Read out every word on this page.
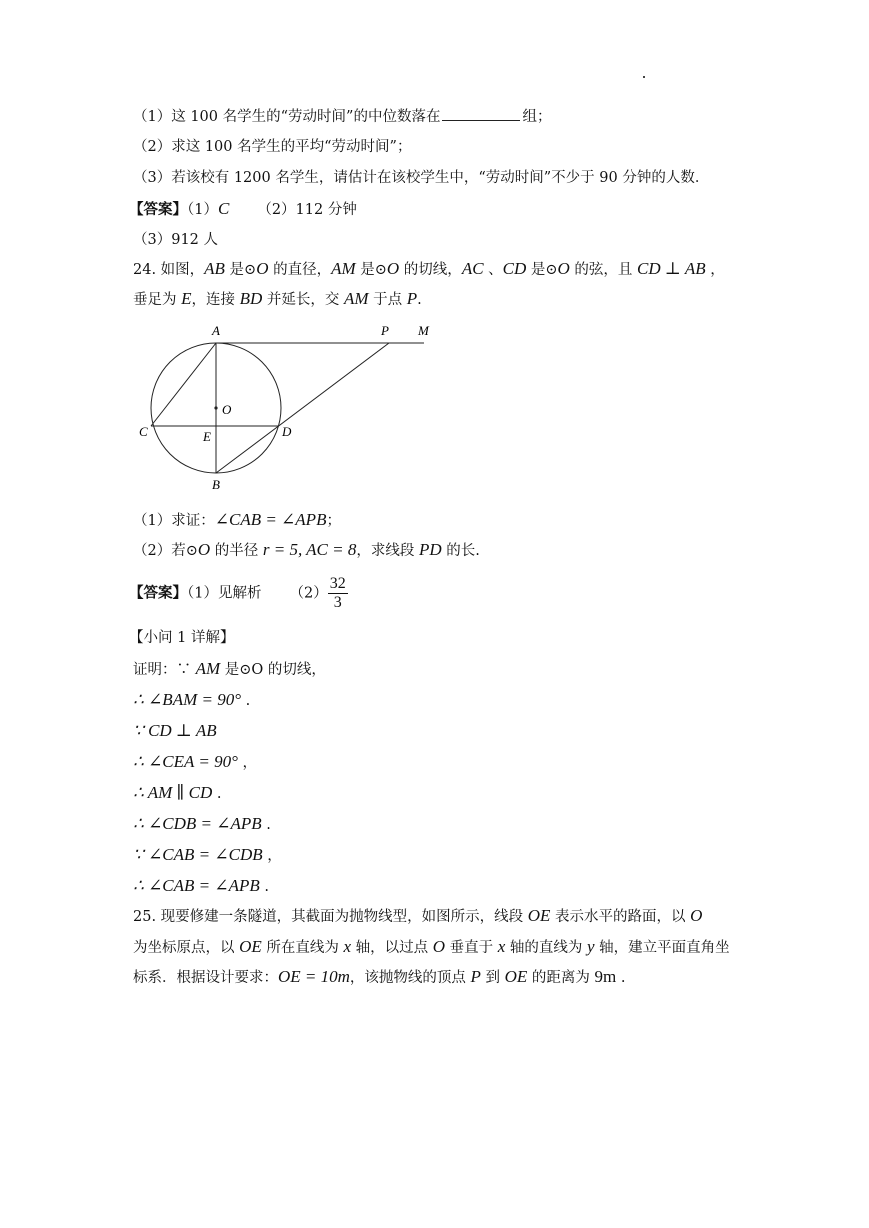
（1）这 100 名学生的“劳动时间”的中位数落在	组；
（2）求这 100 名学生的平均“劳动时间”；
（3）若该校有 1200 名学生，请估计在该校学生中，“劳动时间”不少于 90 分钟的人数．
【答案】（1）C （2）112 分钟
（3）912 人
24. 如图，AB 是⊙O 的直径，AM 是⊙O 的切线，AC 、CD 是⊙O 的弦，且 CD ⊥ AB ，
垂足为 E，连接 BD 并延长，交 AM 于点 P.
A	P M
O
C	E	D
B
（1）求证：∠CAB = ∠APB；
（2）若⊙O 的半径 r = 5, AC = 8，求线段 PD 的长.
【答案】（1）见解析 $(2) \frac{32}{3}$
【小问 1 详解】
证明：∵ AM 是⊙O 的切线，
∴ ∠BAM = 90° .
∵ CD ⊥ AB
∴ ∠CEA = 90° ，
∴ AM ∥ CD .
∴ ∠CDB = ∠APB .
∵ ∠CAB = ∠CDB ，
∴ ∠CAB = ∠APB .
25. 现要修建一条隧道，其截面为抛物线型，如图所示，线段 OE 表示水平的路面，以 O
为坐标原点，以 OE 所在直线为 x 轴，以过点 O 垂直于 x 轴的直线为 y 轴，建立平面直角坐
标系．根据设计要求：OE = 10m，该抛物线的顶点 P 到 OE 的距离为 9m .
